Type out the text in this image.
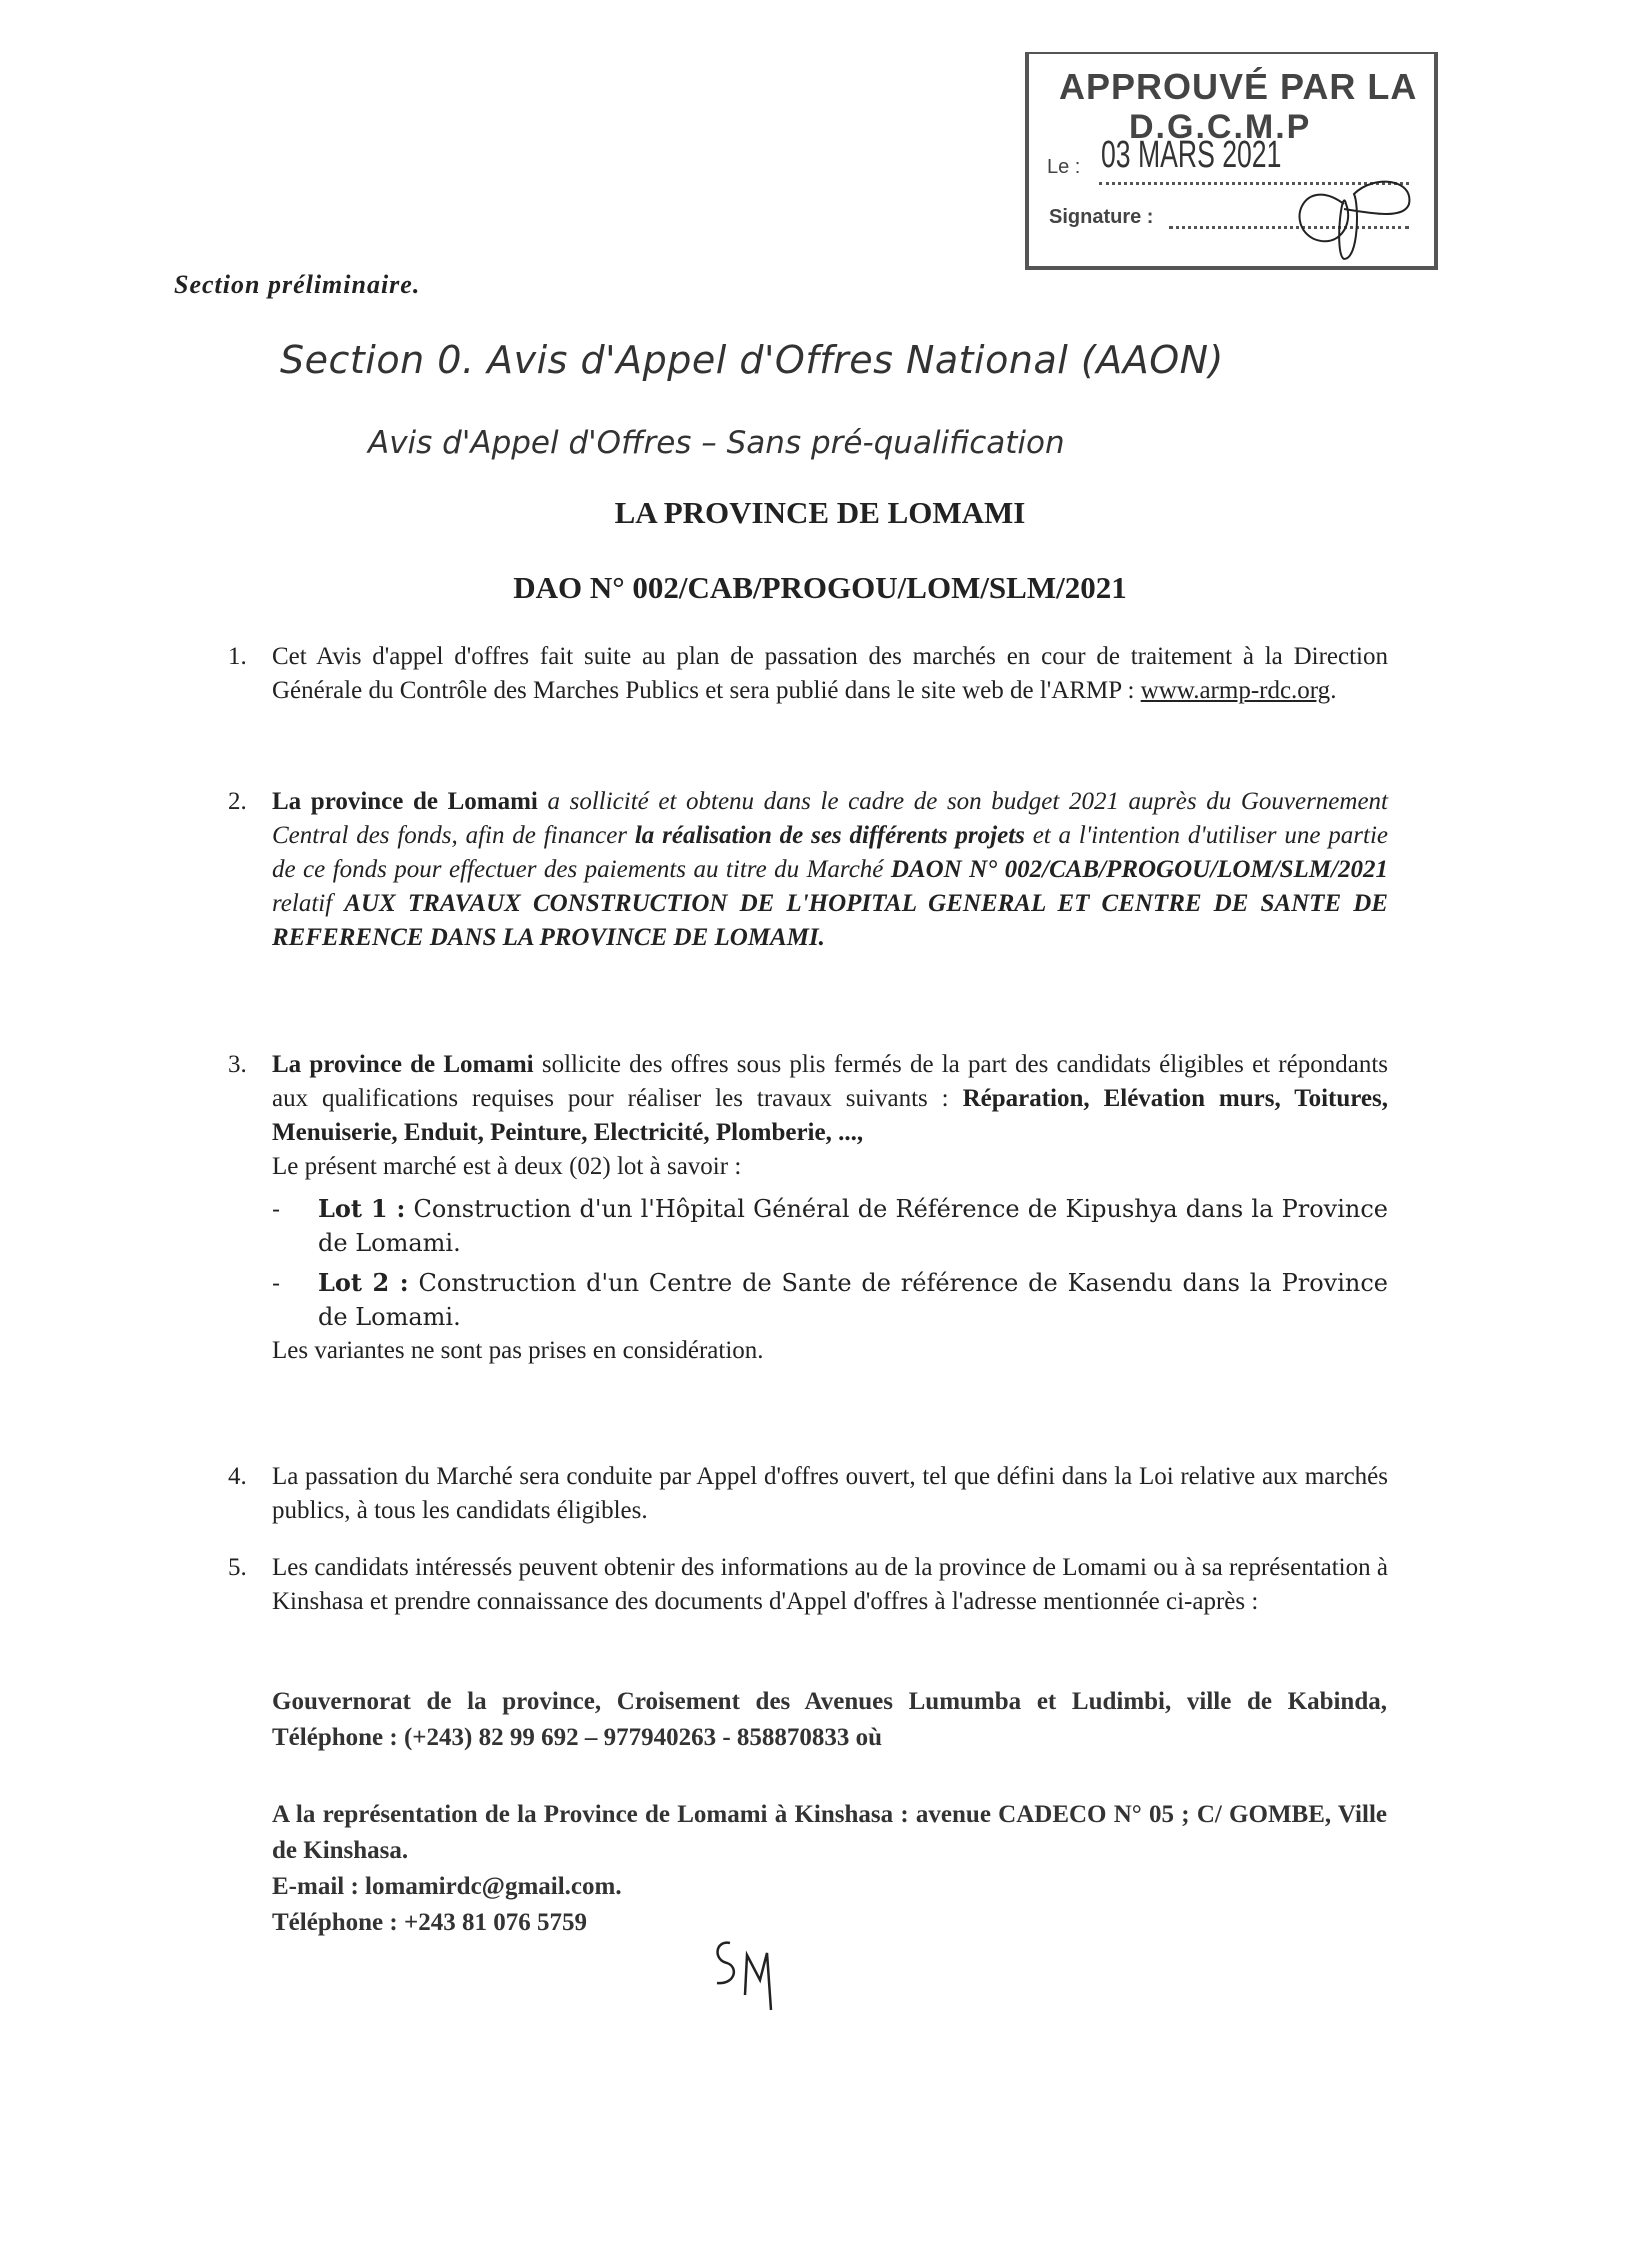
APPROUVÉ PAR LA
D.G.C.M.P
Le : 03 MARS 2021
Signature :
Section préliminaire.
Section 0. Avis d'Appel d'Offres National (AAON)
Avis d'Appel d'Offres – Sans pré-qualification
LA PROVINCE DE LOMAMI
DAO N° 002/CAB/PROGOU/LOM/SLM/2021
1. Cet Avis d'appel d'offres fait suite au plan de passation des marchés en cour de traitement à la Direction Générale du Contrôle des Marches Publics et sera publié dans le site web de l'ARMP : www.armp-rdc.org.
2. La province de Lomami a sollicité et obtenu dans le cadre de son budget 2021 auprès du Gouvernement Central des fonds, afin de financer la réalisation de ses différents projets et a l'intention d'utiliser une partie de ce fonds pour effectuer des paiements au titre du Marché DAON N° 002/CAB/PROGOU/LOM/SLM/2021 relatif AUX TRAVAUX CONSTRUCTION DE L'HOPITAL GENERAL ET CENTRE DE SANTE DE REFERENCE DANS LA PROVINCE DE LOMAMI.
3. La province de Lomami sollicite des offres sous plis fermés de la part des candidats éligibles et répondants aux qualifications requises pour réaliser les travaux suivants : Réparation, Elévation murs, Toitures, Menuiserie, Enduit, Peinture, Electricité, Plomberie, ...,
Le présent marché est à deux (02) lot à savoir :
- Lot 1 : Construction d'un l'Hôpital Général de Référence de Kipushya dans la Province de Lomami.
- Lot 2 : Construction d'un Centre de Sante de référence de Kasendu dans la Province de Lomami.
Les variantes ne sont pas prises en considération.
4. La passation du Marché sera conduite par Appel d'offres ouvert, tel que défini dans la Loi relative aux marchés publics, à tous les candidats éligibles.
5. Les candidats intéressés peuvent obtenir des informations au de la province de Lomami ou à sa représentation à Kinshasa et prendre connaissance des documents d'Appel d'offres à l'adresse mentionnée ci-après :
Gouvernorat de la province, Croisement des Avenues Lumumba et Ludimbi, ville de Kabinda, Téléphone : (+243) 82 99 692 – 977940263 - 858870833 où
A la représentation de la Province de Lomami à Kinshasa : avenue CADECO N° 05 ; C/ GOMBE, Ville de Kinshasa.
E-mail : lomamirdc@gmail.com.
Téléphone : +243 81 076 5759
